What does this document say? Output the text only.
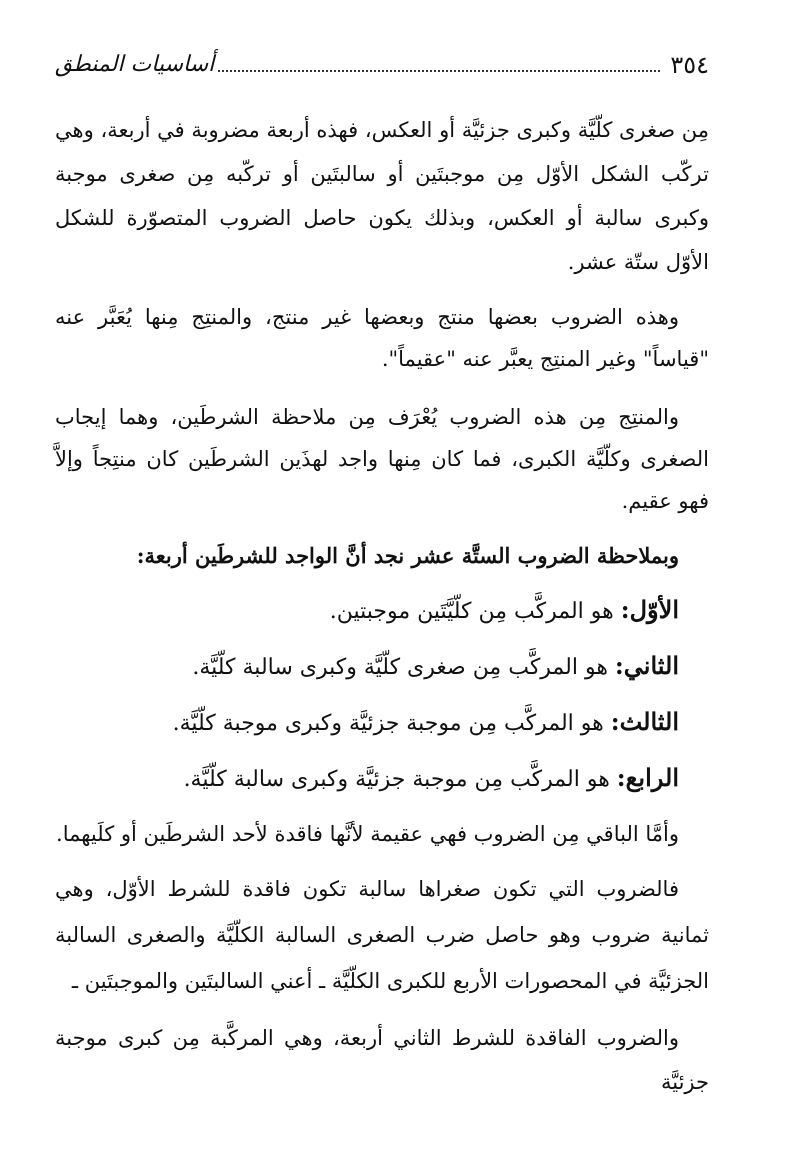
٣٥٤
أساسيات المنطق

مِن صغرى كلّيَّة وكبرى جزئيَّة أو العكس، فهذه أربعة مضروبة في أربعة، وهي تركّب الشكل الأوّل مِن موجبتَين أو سالبتَين أو تركّبه مِن صغرى موجبة وكبرى سالبة أو العكس، وبذلك يكون حاصل الضروب المتصوّرة للشكل الأوّل ستّة عشر.

وهذه الضروب بعضها منتج وبعضها غير منتج، والمنتِج مِنها يُعَبَّر عنه "قياساً" وغير المنتِج يعبَّر عنه "عقيماً".

والمنتِج مِن هذه الضروب يُعْرَف مِن ملاحظة الشرطَين، وهما إيجاب الصغرى وكلّيَّة الكبرى، فما كان مِنها واجد لهذَين الشرطَين كان منتِجاً وإلاَّ فهو عقيم.

وبملاحظة الضروب الستَّة عشر نجد أنَّ الواجد للشرطَين أربعة:

الأوّل: هو المركَّب مِن كلّيَّتَين موجبتين.

الثاني: هو المركَّب مِن صغرى كلّيَّة وكبرى سالبة كلّيَّة.

الثالث: هو المركَّب مِن موجبة جزئيَّة وكبرى موجبة كلّيَّة.

الرابع: هو المركَّب مِن موجبة جزئيَّة وكبرى سالبة كلّيَّة.

وأمَّا الباقي مِن الضروب فهي عقيمة لأنَّها فاقدة لأحد الشرطَين أو كلَيهما.

فالضروب التي تكون صغراها سالبة تكون فاقدة للشرط الأوّل، وهي ثمانية ضروب وهو حاصل ضرب الصغرى السالبة الكلّيَّة والصغرى السالبة الجزئيَّة في المحصورات الأربع للكبرى الكلّيَّة ـ أعني السالبتَين والموجبتَين ـ

والضروب الفاقدة للشرط الثاني أربعة، وهي المركَّبة مِن كبرى موجبة جزئيَّة
